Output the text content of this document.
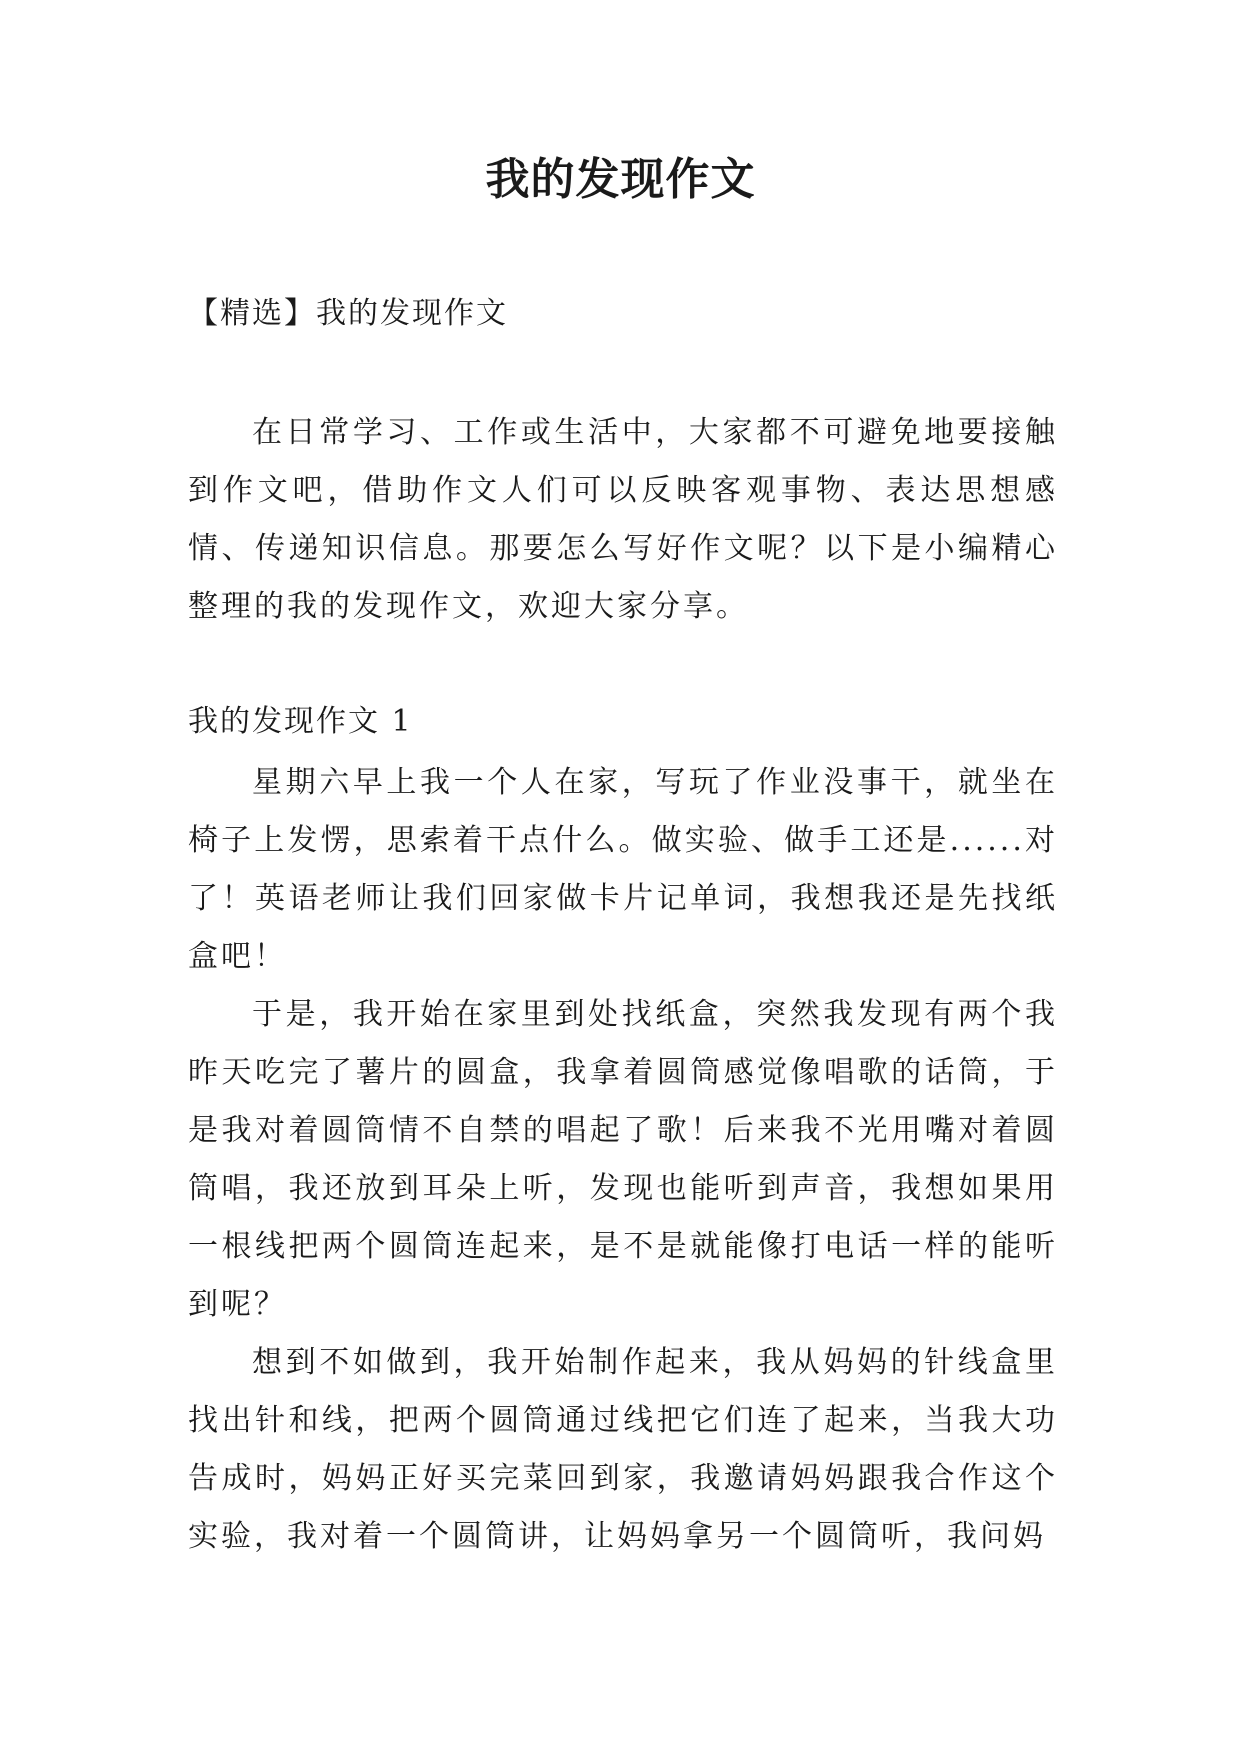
我的发现作文
【精选】我的发现作文

在日常学习、工作或生活中，大家都不可避免地要接触到作文吧，借助作文人们可以反映客观事物、表达思想感情、传递知识信息。那要怎么写好作文呢？以下是小编精心整理的我的发现作文，欢迎大家分享。

我的发现作文 1

星期六早上我一个人在家，写玩了作业没事干，就坐在椅子上发愣，思索着干点什么。做实验、做手工还是......对了！英语老师让我们回家做卡片记单词，我想我还是先找纸盒吧！

于是，我开始在家里到处找纸盒，突然我发现有两个我昨天吃完了薯片的圆盒，我拿着圆筒感觉像唱歌的话筒，于是我对着圆筒情不自禁的唱起了歌！后来我不光用嘴对着圆筒唱，我还放到耳朵上听，发现也能听到声音，我想如果用一根线把两个圆筒连起来，是不是就能像打电话一样的能听到呢？

想到不如做到，我开始制作起来，我从妈妈的针线盒里找出针和线，把两个圆筒通过线把它们连了起来，当我大功告成时，妈妈正好买完菜回到家，我邀请妈妈跟我合作这个实验，我对着一个圆筒讲，让妈妈拿另一个圆筒听，我问妈
